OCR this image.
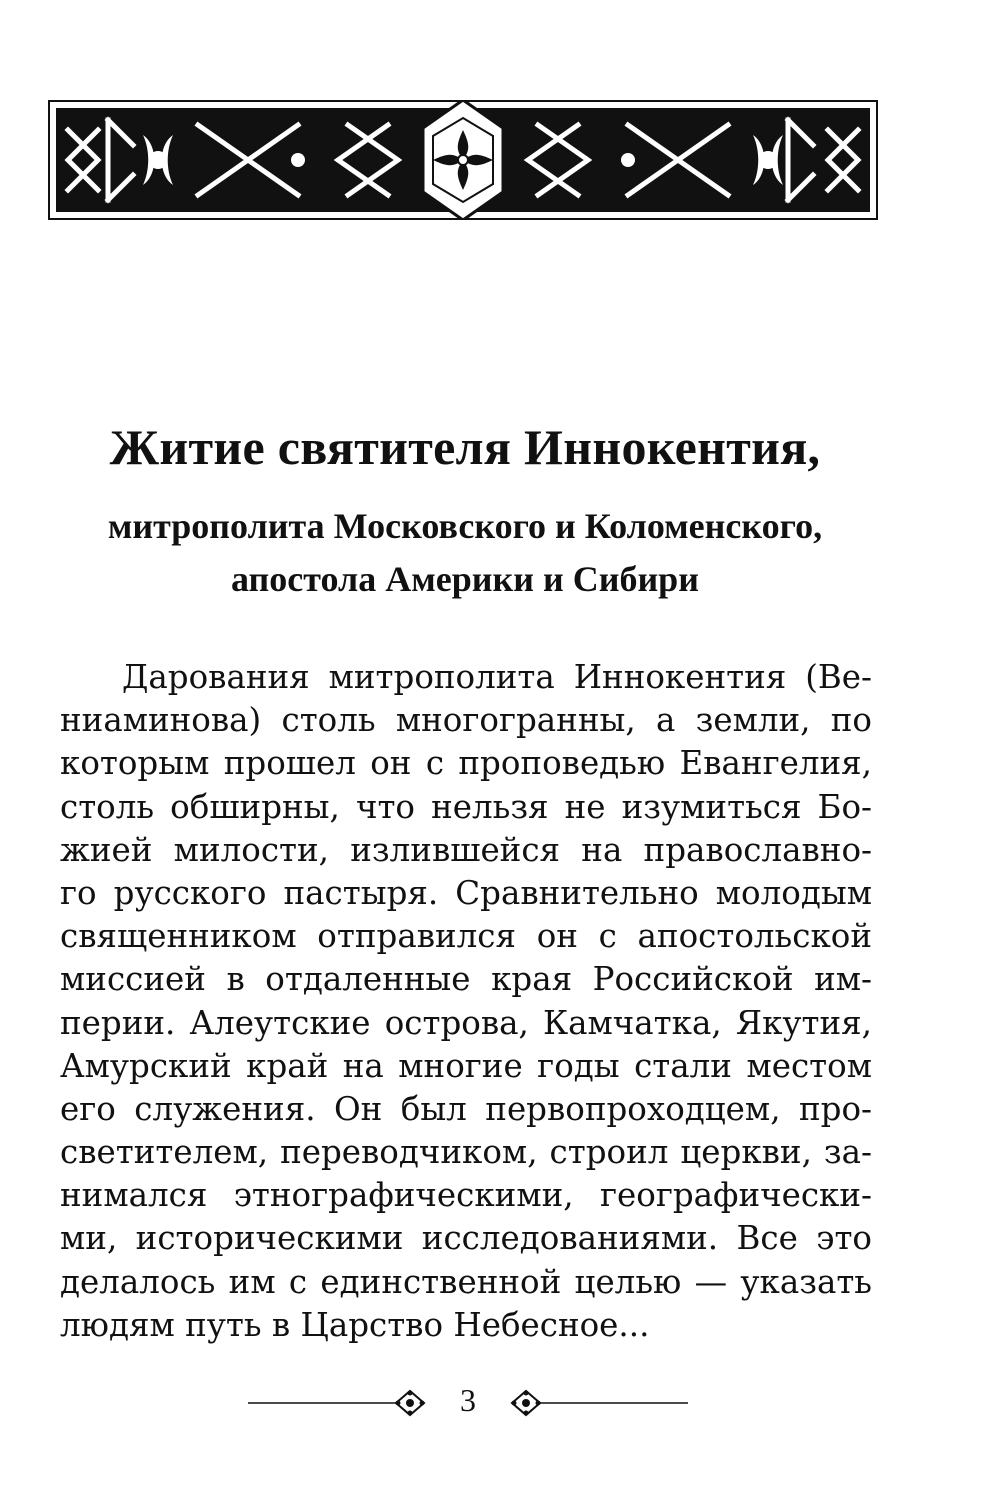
Житие святителя Иннокентия,
митрополита Московского и Коломенского,
апостола Америки и Сибири

Дарования митрополита Иннокентия (Ве-
ниаминова) столь многогранны, а земли, по
которым прошел он с проповедью Евангелия,
столь обширны, что нельзя не изумиться Бо-
жией милости, излившейся на православно-
го русского пастыря. Сравнительно молодым
священником отправился он с апостольской
миссией в отдаленные края Российской им-
перии. Алеутские острова, Камчатка, Якутия,
Амурский край на многие годы стали местом
его служения. Он был первопроходцем, про-
светителем, переводчиком, строил церкви, за-
нимался этнографическими, географически-
ми, историческими исследованиями. Все это
делалось им с единственной целью — указать
людям путь в Царство Небесное...

3
